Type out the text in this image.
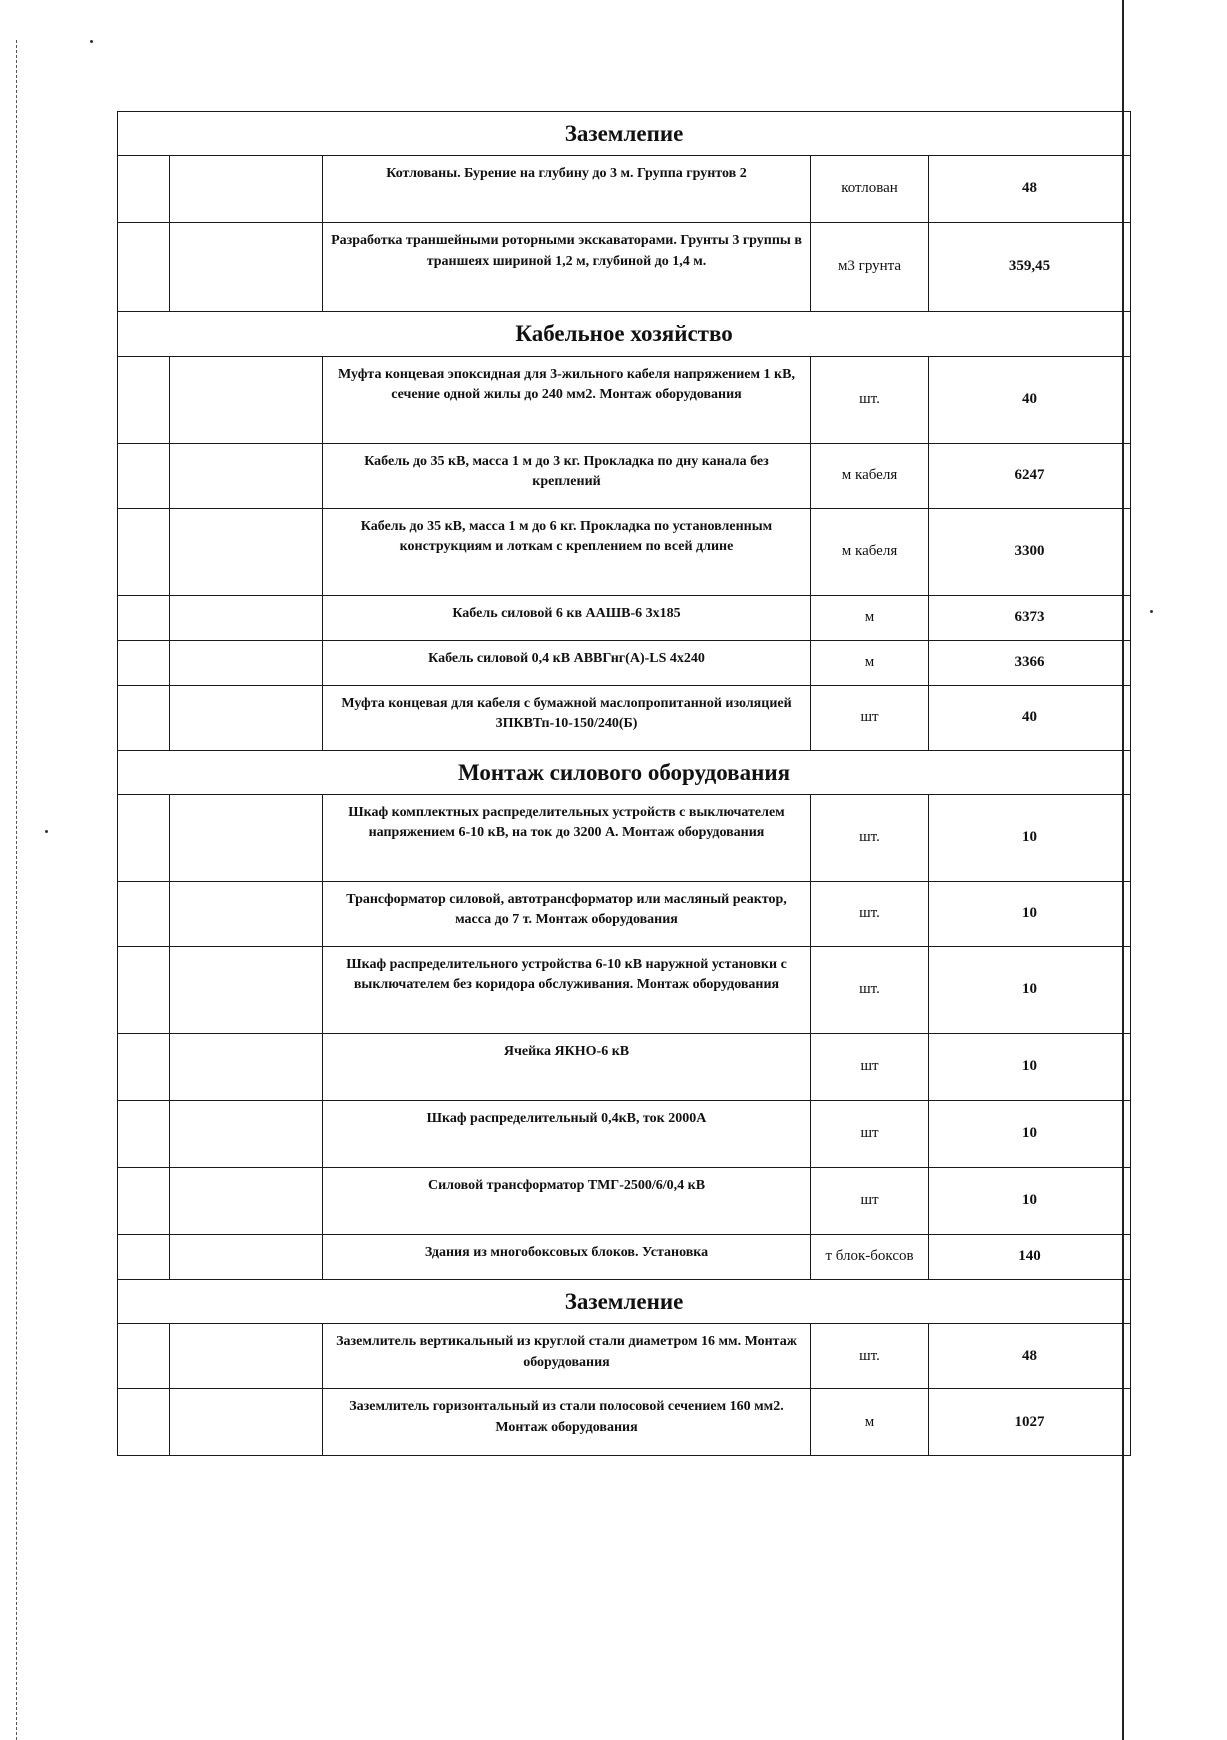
Заземлепие				
		Котлованы. Бурение на глубину до 3 м. Группа грунтов 2	котлован	48
		Разработка траншейными роторными экскаваторами. Грунты 3 группы в траншеях шириной 1,2 м, глубиной до 1,4 м.	м3 грунта	359,45
Кабельное хозяйство				
		Муфта концевая эпоксидная для 3-жильного кабеля напряжением 1 кВ, сечение одной жилы до 240 мм2. Монтаж оборудования	шт.	40
		Кабель до 35 кВ, масса 1 м до 3 кг. Прокладка по дну канала без креплений	м кабеля	6247
		Кабель до 35 кВ, масса 1 м до 6 кг. Прокладка по установленным конструкциям и лоткам с креплением по всей длине	м кабеля	3300
		Кабель силовой 6 кв ААШВ-6 3х185	м	6373
		Кабель силовой 0,4 кВ АВВГнг(А)-LS 4х240	м	3366
		Муфта концевая для кабеля с бумажной маслопропитанной изоляцией 3ПКВТп-10-150/240(Б)	шт	40
Монтаж силового оборудования				
		Шкаф комплектных распределительных устройств с выключателем напряжением 6-10 кВ, на ток до 3200 А. Монтаж оборудования	шт.	10
		Трансформатор силовой, автотрансформатор или масляный реактор, масса до 7 т. Монтаж оборудования	шт.	10
		Шкаф распределительного устройства 6-10 кВ наружной установки с выключателем без коридора обслуживания. Монтаж оборудования	шт.	10
		Ячейка ЯКНО-6 кВ	шт	10
		Шкаф распределительный 0,4кВ, ток 2000А	шт	10
		Силовой трансформатор ТМГ-2500/6/0,4 кВ	шт	10
		Здания из многобоксовых блоков. Установка	т блок-боксов	140
Заземление				
		Заземлитель вертикальный из круглой стали диаметром 16 мм. Монтаж оборудования	шт.	48
		Заземлитель горизонтальный из стали полосовой сечением 160 мм2. Монтаж оборудования	м	1027
